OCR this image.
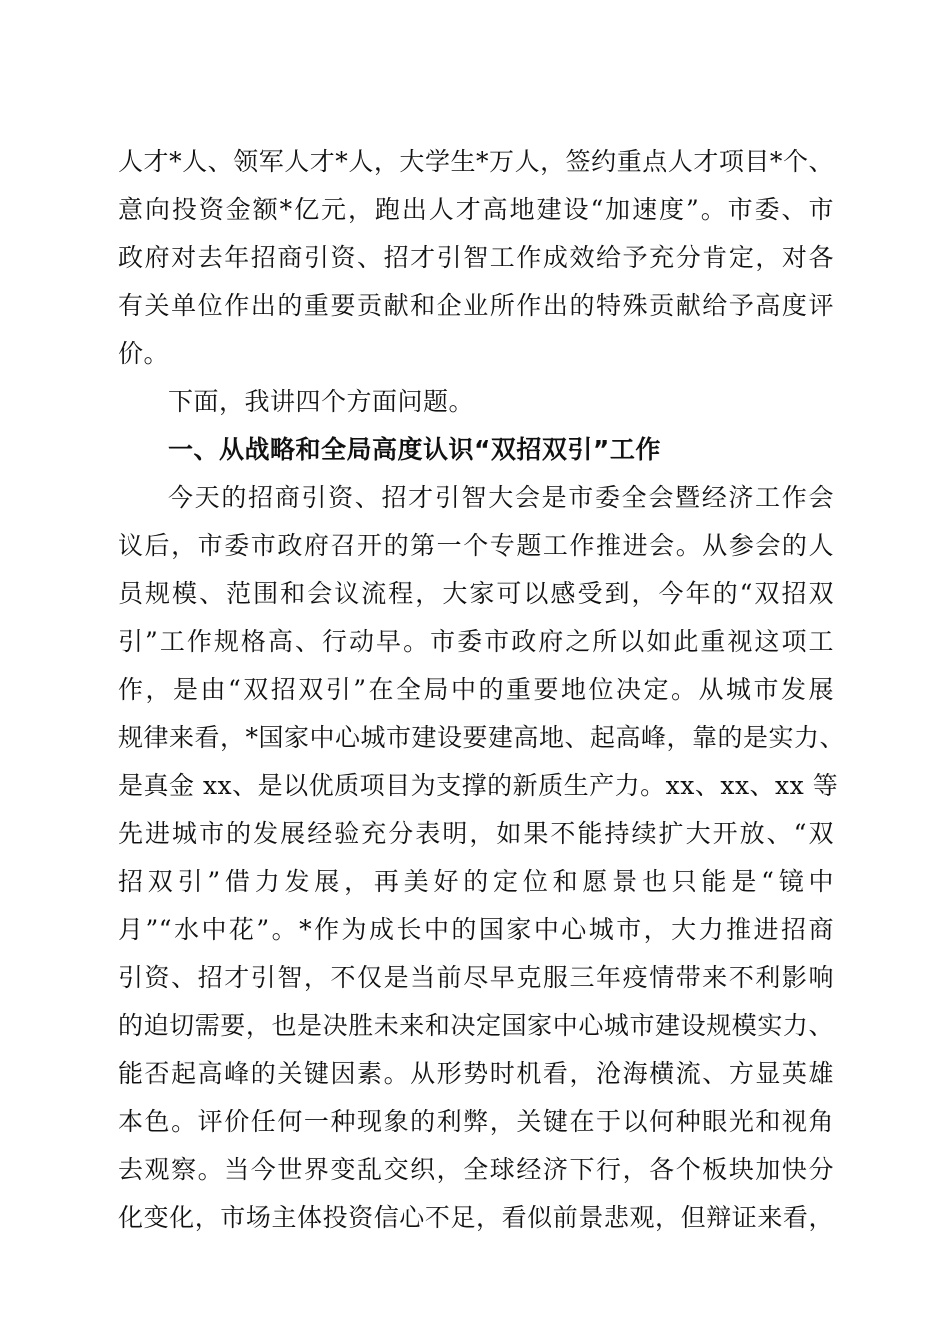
人才*人、领军人才*人，大学生*万人，签约重点人才项目*个、
意向投资金额*亿元，跑出人才高地建设“加速度”。市委、市
政府对去年招商引资、招才引智工作成效给予充分肯定，对各
有关单位作出的重要贡献和企业所作出的特殊贡献给予高度评
价。
下面，我讲四个方面问题。
一、从战略和全局高度认识“双招双引”工作
今天的招商引资、招才引智大会是市委全会暨经济工作会
议后，市委市政府召开的第一个专题工作推进会。从参会的人
员规模、范围和会议流程，大家可以感受到，今年的“双招双
引”工作规格高、行动早。市委市政府之所以如此重视这项工
作，是由“双招双引”在全局中的重要地位决定。从城市发展
规律来看，*国家中心城市建设要建高地、起高峰，靠的是实力、
是真金 xx、是以优质项目为支撑的新质生产力。xx、xx、xx 等
先进城市的发展经验充分表明，如果不能持续扩大开放、“双
招双引”借力发展，再美好的定位和愿景也只能是“镜中
月”“水中花”。*作为成长中的国家中心城市，大力推进招商
引资、招才引智，不仅是当前尽早克服三年疫情带来不利影响
的迫切需要，也是决胜未来和决定国家中心城市建设规模实力、
能否起高峰的关键因素。从形势时机看，沧海横流、方显英雄
本色。评价任何一种现象的利弊，关键在于以何种眼光和视角
去观察。当今世界变乱交织，全球经济下行，各个板块加快分
化变化，市场主体投资信心不足，看似前景悲观，但辩证来看，
